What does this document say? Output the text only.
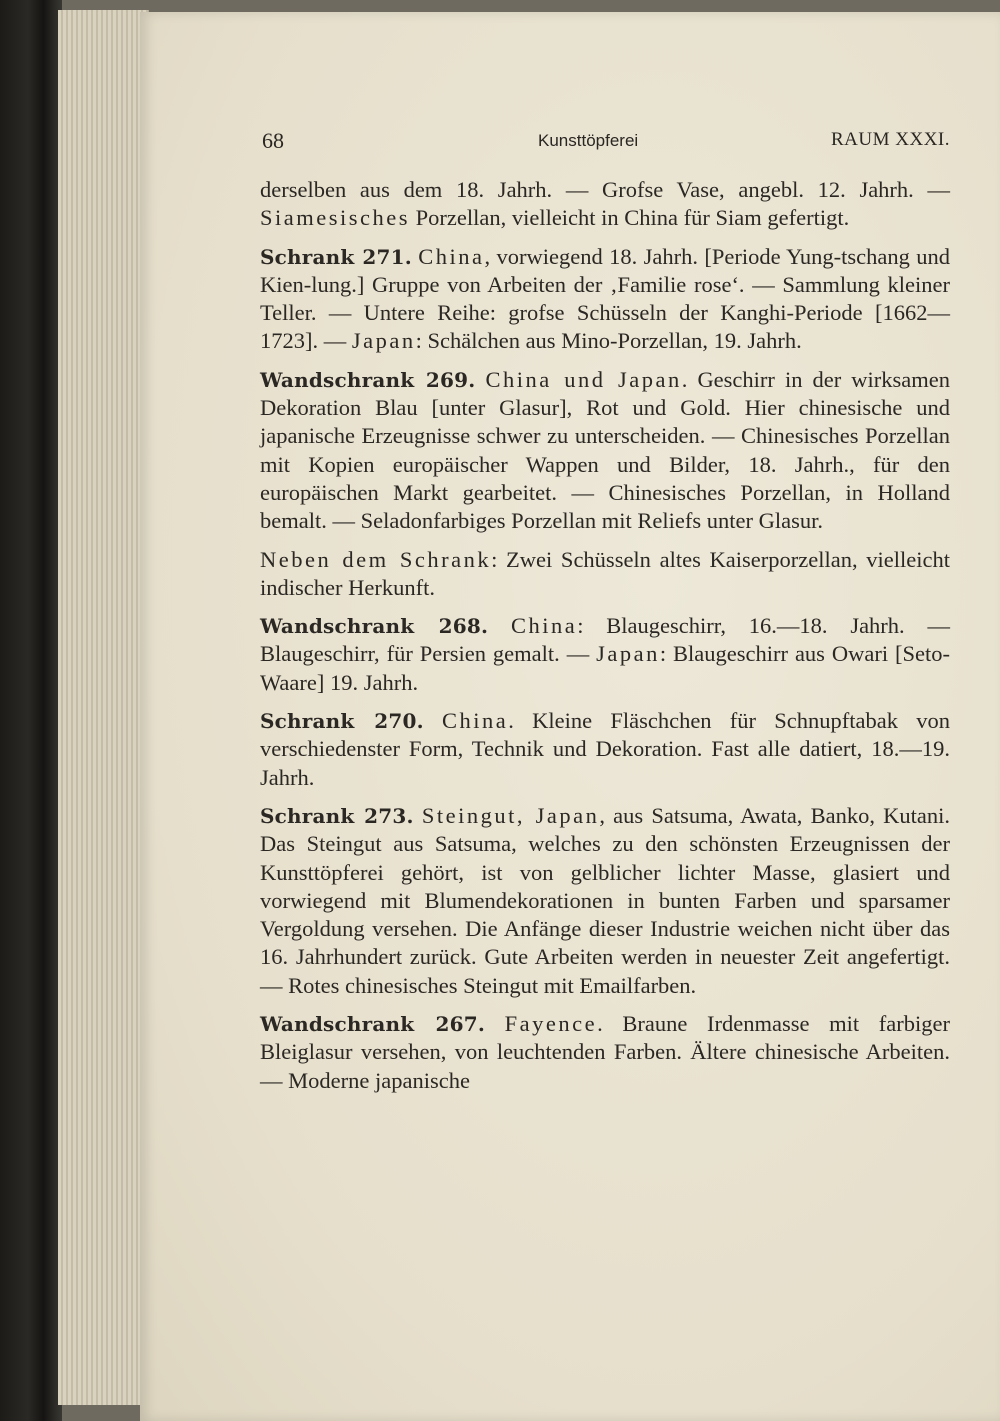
68	Kunsttöpferei	RAUM XXXI.

derselben aus dem 18. Jahrh. — Grofse Vase, angebl. 12. Jahrh. — Siamesisches Porzellan, vielleicht in China für Siam gefertigt.

Schrank 271. China, vorwiegend 18. Jahrh. [Periode Yung-tschang und Kien-lung.] Gruppe von Arbeiten der ‚Familie rose‘. — Sammlung kleiner Teller. — Untere Reihe: grofse Schüsseln der Kanghi-Periode [1662—1723]. — Japan: Schälchen aus Mino-Porzellan, 19. Jahrh.

Wandschrank 269. China und Japan. Geschirr in der wirksamen Dekoration Blau [unter Glasur], Rot und Gold. Hier chinesische und japanische Erzeugnisse schwer zu unterscheiden. — Chinesisches Porzellan mit Kopien europäischer Wappen und Bilder, 18. Jahrh., für den europäischen Markt gearbeitet. — Chinesisches Porzellan, in Holland bemalt. — Seladonfarbiges Porzellan mit Reliefs unter Glasur.

Neben dem Schrank: Zwei Schüsseln altes Kaiserporzellan, vielleicht indischer Herkunft.

Wandschrank 268. China: Blaugeschirr, 16.—18. Jahrh. — Blaugeschirr, für Persien gemalt. — Japan: Blaugeschirr aus Owari [Seto-Waare] 19. Jahrh.

Schrank 270. China. Kleine Fläschchen für Schnupftabak von verschiedenster Form, Technik und Dekoration. Fast alle datiert, 18.—19. Jahrh.

Schrank 273. Steingut, Japan, aus Satsuma, Awata, Banko, Kutani. Das Steingut aus Satsuma, welches zu den schönsten Erzeugnissen der Kunsttöpferei gehört, ist von gelblicher lichter Masse, glasiert und vorwiegend mit Blumendekorationen in bunten Farben und sparsamer Vergoldung versehen. Die Anfänge dieser Industrie weichen nicht über das 16. Jahrhundert zurück. Gute Arbeiten werden in neuester Zeit angefertigt. — Rotes chinesisches Steingut mit Emailfarben.

Wandschrank 267. Fayence. Braune Irdenmasse mit farbiger Bleiglasur versehen, von leuchtenden Farben. Ältere chinesische Arbeiten. — Moderne japanische
